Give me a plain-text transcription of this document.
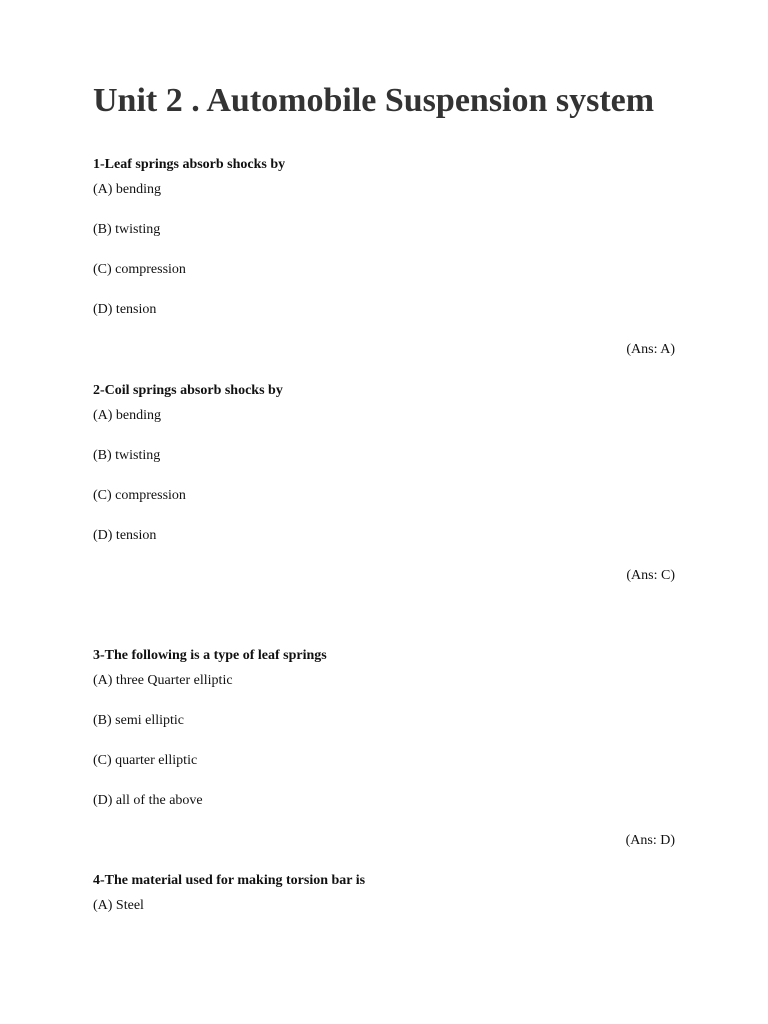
Unit 2 . Automobile Suspension system

1-Leaf springs absorb shocks by

(A) bending

(B) twisting

(C) compression

(D) tension

(Ans: A)

2-Coil springs absorb shocks by

(A) bending

(B) twisting

(C) compression

(D) tension

(Ans: C)

3-The following is a type of leaf springs

(A) three Quarter elliptic

(B) semi elliptic

(C) quarter elliptic

(D) all of the above

(Ans: D)

4-The material used for making torsion bar is

(A) Steel
